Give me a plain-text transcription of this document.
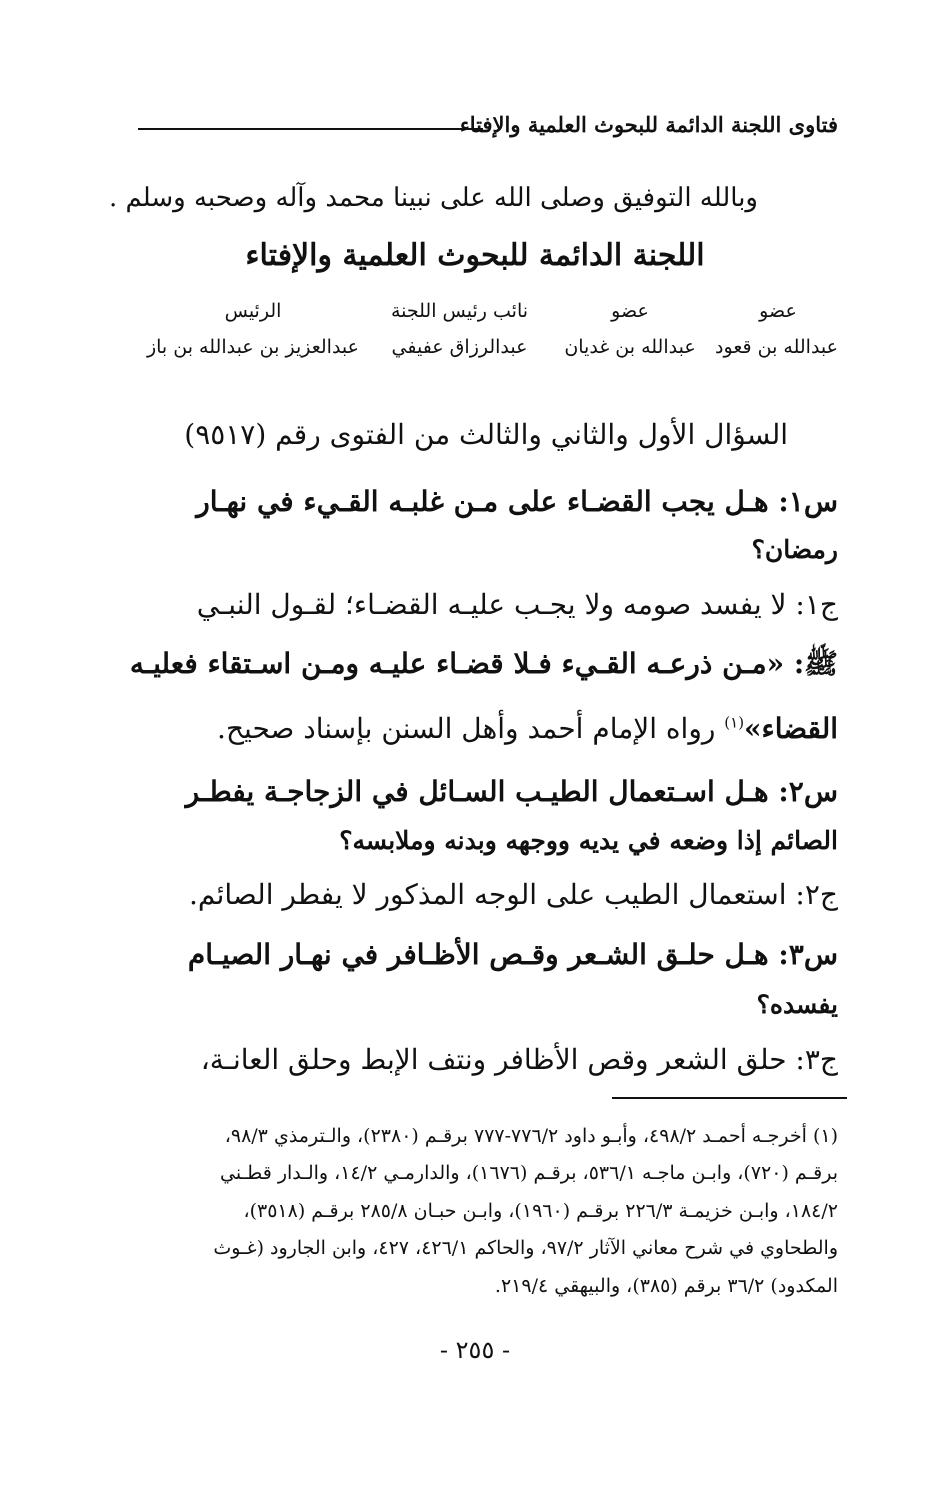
فتاوى اللجنة الدائمة للبحوث العلمية والإفتاء
وبالله التوفيق وصلى الله على نبينا محمد وآله وصحبه وسلم .
اللجنة الدائمة للبحوث العلمية والإفتاء
عضو
عبدالله بن قعود
عضو
عبدالله بن غديان
نائب رئيس اللجنة
عبدالرزاق عفيفي
الرئيس
عبدالعزيز بن عبدالله بن باز
السؤال الأول والثاني والثالث من الفتوى رقم (٩٥١٧)
س١: هـل يجب القضـاء على مـن غلبـه القـيء في نهـار
رمضان؟
ج١: لا يفسد صومه ولا يجـب عليـه القضـاء؛ لقـول النبـي
ﷺ: «مـن ذرعـه القـيء فـلا قضـاء عليـه ومـن اسـتقاء فعليـه
القضاء»$^{(١)}$ رواه الإمام أحمد وأهل السنن بإسناد صحيح.
س٢: هـل اسـتعمال الطيـب السـائل في الزجاجـة يفطـر
الصائم إذا وضعه في يديه ووجهه وبدنه وملابسه؟
ج٢: استعمال الطيب على الوجه المذكور لا يفطر الصائم.
س٣: هـل حلـق الشـعر وقـص الأظـافر في نهـار الصيـام
يفسده؟
ج٣: حلق الشعر وقص الأظافر ونتف الإبط وحلق العانـة،
(١) أخرجـه أحمـد ٤٩٨/٢، وأبـو داود ٧٧٦/٢-٧٧٧ برقـم (٢٣٨٠)، والـترمذي ٩٨/٣،
برقـم (٧٢٠)، وابـن ماجـه ٥٣٦/١، برقـم (١٦٧٦)، والدارمـي ١٤/٢، والـدار قطـني
١٨٤/٢، وابـن خزيمـة ٢٢٦/٣ برقـم (١٩٦٠)، وابـن حبـان ٢٨٥/٨ برقـم (٣٥١٨)،
والطحاوي في شرح معاني الآثار ٩٧/٢، والحاكم ٤٢٦/١، ٤٢٧، وابن الجارود (غـوث
المكدود) ٣٦/٢ برقم (٣٨٥)، والبيهقي ٢١٩/٤.
- ٢٥٥ -
